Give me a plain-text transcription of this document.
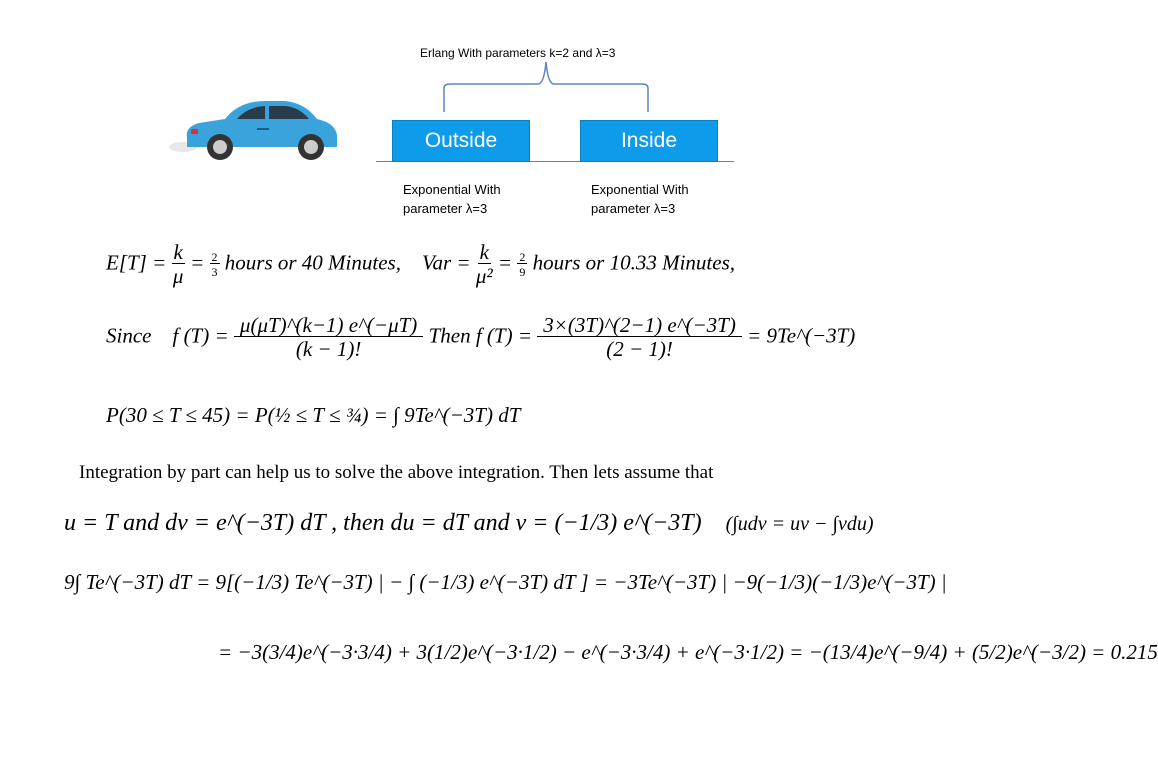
Erlang With parameters k=2 and λ=3
Outside	Inside
Exponential With
parameter λ=3
Exponential With
parameter λ=3
$E[T] = \frac{k}{\mu} = \frac{2}{3}$ hours or 40 Minutes, Var = $\frac{k}{\text{μ²}} = \frac{2}{9}$ hours or 10.33 Minutes,
Since f $(T) = \frac{\mu(\mu T)\^{}(k-1) e\^{}(-\mu T)}{(k - 1)!}$ Then f $(T) = \frac{3\times(3T)\^{}(2-1) e\^{}(-3T)}{(2 - 1)!}$ = 9Te^(−3T)
P(30 ≤ T ≤ 45) = P(½ ≤ T ≤ ¾) = ∫ 9Te^(−3T) dT
Integration by part can help us to solve the above integration. Then lets assume that
u = T and dv = e^(−3T) dT , then du = dT and v = (−1/3) e^(−3T) (∫udv = uv − ∫vdu)
9∫ Te^(−3T) dT = 9[(−1/3) Te^(−3T) | − ∫ (−1/3) e^(−3T) dT ] = −3Te^(−3T) | −9(−1/3)(−1/3)e^(−3T) |
= −3(3/4)e^(−3·3/4) + 3(1/2)e^(−3·1/2) − e^(−3·3/4) + e^(−3·1/2) = −(13/4)e^(−9/4) + (5/2)e^(−3/2) = 0.215
